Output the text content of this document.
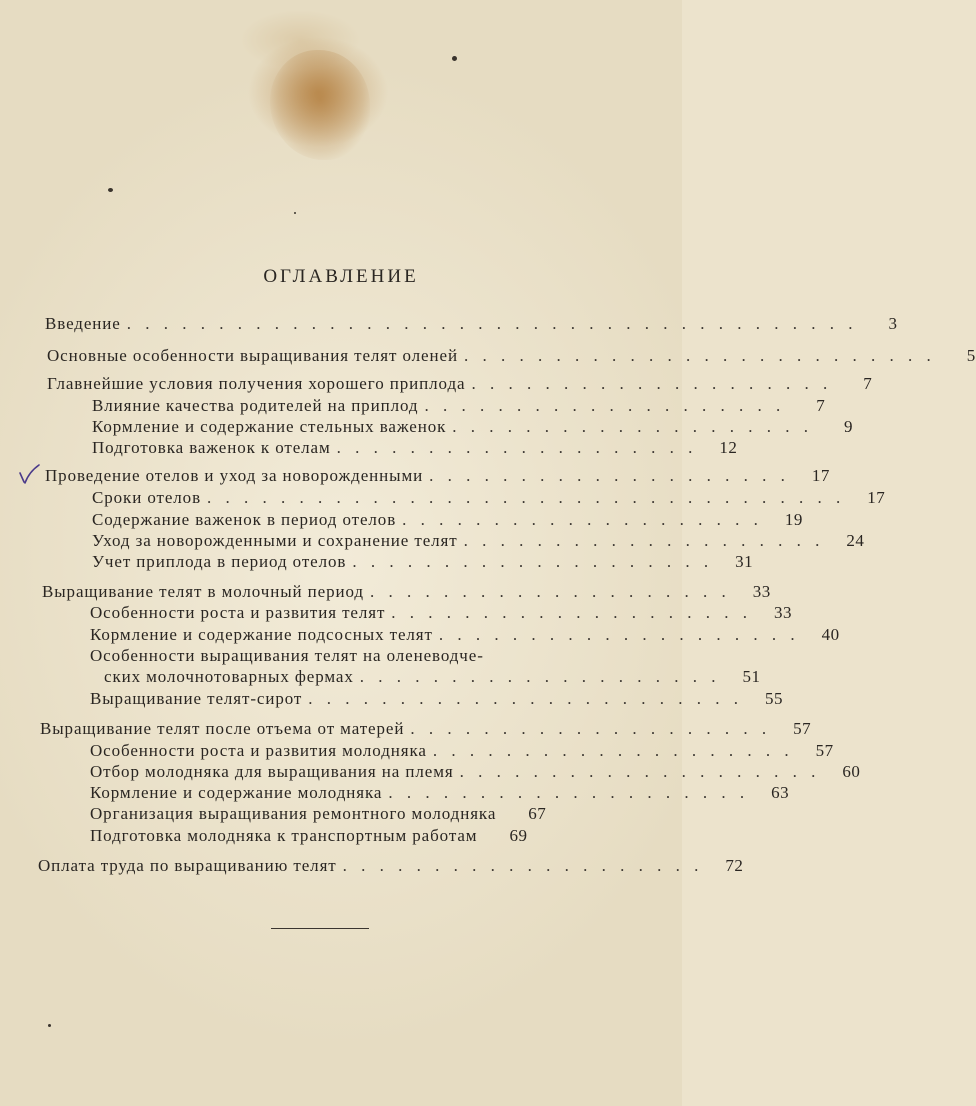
ОГЛАВЛЕНИЕ
Введение . . . . . . . . . . . . . . . . . . . . . . . . . . . . . . . . . . . . . . . .	3
Основные особенности выращивания телят оленей . . . . . . . . . . . . . . . . . . . . . . . . . .	5
Главнейшие условия получения хорошего приплода . . . . . . . . . . . . . . . . . . . .	7
Влияние качества родителей на приплод . . . . . . . . . . . . . . . . . . . .	7
Кормление и содержание стельных важенок . . . . . . . . . . . . . . . . . . . .	9
Подготовка важенок к отелам . . . . . . . . . . . . . . . . . . . .	12
Проведение отелов и уход за новорожденными . . . . . . . . . . . . . . . . . . . .	17
Сроки отелов . . . . . . . . . . . . . . . . . . . . . . . . . . . . . . . . . . .	17
Содержание важенок в период отелов . . . . . . . . . . . . . . . . . . . .	19
Уход за новорожденными и сохранение телят . . . . . . . . . . . . . . . . . . . .	24
Учет приплода в период отелов . . . . . . . . . . . . . . . . . . . .	31
Выращивание телят в молочный период . . . . . . . . . . . . . . . . . . . .	33
Особенности роста и развития телят . . . . . . . . . . . . . . . . . . . .	33
Кормление и содержание подсосных телят . . . . . . . . . . . . . . . . . . . .	40
Особенности выращивания телят на оленеводче-
ских молочнотоварных фермах . . . . . . . . . . . . . . . . . . . .	51
Выращивание телят-сирот . . . . . . . . . . . . . . . . . . . . . . . .	55
Выращивание телят после отъема от матерей . . . . . . . . . . . . . . . . . . . .	57
Особенности роста и развития молодняка . . . . . . . . . . . . . . . . . . . .	57
Отбор молодняка для выращивания на племя . . . . . . . . . . . . . . . . . . . .	60
Кормление и содержание молодняка . . . . . . . . . . . . . . . . . . . .	63
Организация выращивания ремонтного молодняка	67
Подготовка молодняка к транспортным работам	69
Оплата труда по выращиванию телят . . . . . . . . . . . . . . . . . . . .	72
